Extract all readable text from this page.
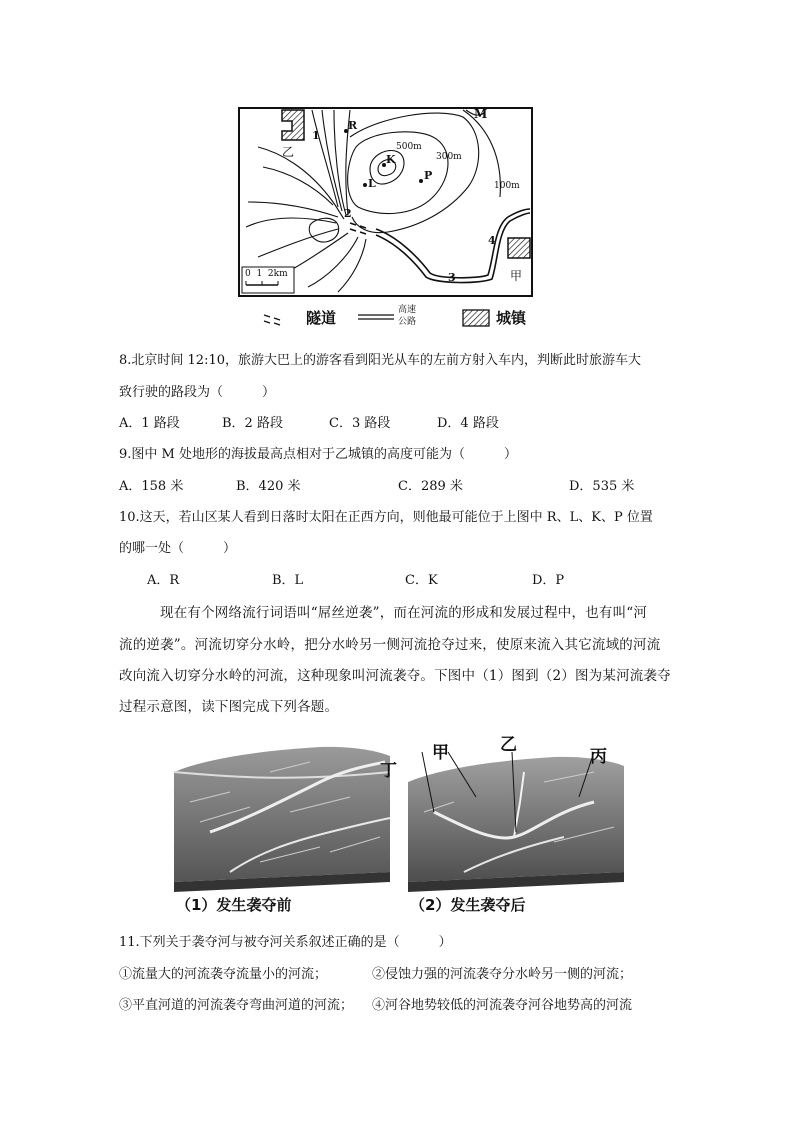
乙
1
R
K
500m
300m
100m
L
P
M
2
3
4
甲
0  1  2km
隧道	高速
公路	城镇
8.北京时间 12:10，旅游大巴上的游客看到阳光从车的左前方射入车内，判断此时旅游车大
致行驶的路段为（　　　）
A．1 路段	B．2 路段	C．3 路段	D．4 路段
9.图中 M 处地形的海拔最高点相对于乙城镇的高度可能为（　　　）
A．158 米	B．420 米	C．289 米	D．535 米
10.这天，若山区某人看到日落时太阳在正西方向，则他最可能位于上图中 R、L、K、P 位置
的哪一处（　　　）
A．R	B．L	C．K	D．P
现在有个网络流行词语叫“屌丝逆袭”，而在河流的形成和发展过程中，也有叫“河
流的逆袭”。河流切穿分水岭，把分水岭另一侧河流抢夺过来，使原来流入其它流域的河流
改向流入切穿分水岭的河流，这种现象叫河流袭夺。下图中（1）图到（2）图为某河流袭夺
过程示意图，读下图完成下列各题。
（1）发生袭夺前
丁
甲	乙
丙
（2）发生袭夺后
11.下列关于袭夺河与被夺河关系叙述正确的是（　　　）
①流量大的河流袭夺流量小的河流；	②侵蚀力强的河流袭夺分水岭另一侧的河流；
③平直河道的河流袭夺弯曲河道的河流； ④河谷地势较低的河流袭夺河谷地势高的河流
